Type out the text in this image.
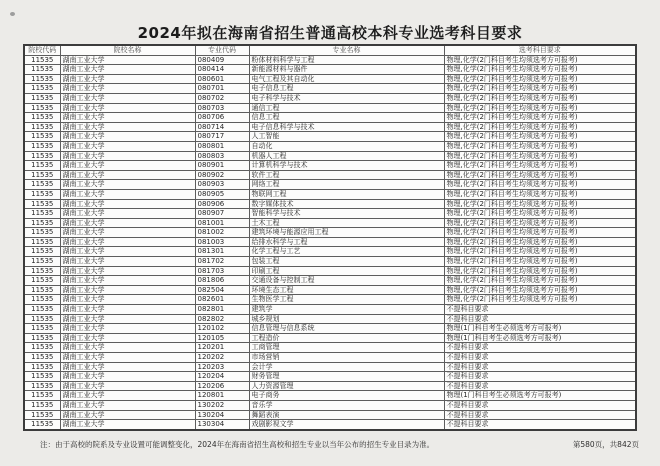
2024年拟在海南省招生普通高校本科专业选考科目要求
院校代码	院校名称	专业代码	专业名称	选考科目要求
11535	湖南工业大学	080409	粉体材料科学与工程	物理,化学(2门科目考生均须选考方可报考)
11535	湖南工业大学	080414	新能源材料与器件	物理,化学(2门科目考生均须选考方可报考)
11535	湖南工业大学	080601	电气工程及其自动化	物理,化学(2门科目考生均须选考方可报考)
11535	湖南工业大学	080701	电子信息工程	物理,化学(2门科目考生均须选考方可报考)
11535	湖南工业大学	080702	电子科学与技术	物理,化学(2门科目考生均须选考方可报考)
11535	湖南工业大学	080703	通信工程	物理,化学(2门科目考生均须选考方可报考)
11535	湖南工业大学	080706	信息工程	物理,化学(2门科目考生均须选考方可报考)
11535	湖南工业大学	080714	电子信息科学与技术	物理,化学(2门科目考生均须选考方可报考)
11535	湖南工业大学	080717	人工智能	物理,化学(2门科目考生均须选考方可报考)
11535	湖南工业大学	080801	自动化	物理,化学(2门科目考生均须选考方可报考)
11535	湖南工业大学	080803	机器人工程	物理,化学(2门科目考生均须选考方可报考)
11535	湖南工业大学	080901	计算机科学与技术	物理,化学(2门科目考生均须选考方可报考)
11535	湖南工业大学	080902	软件工程	物理,化学(2门科目考生均须选考方可报考)
11535	湖南工业大学	080903	网络工程	物理,化学(2门科目考生均须选考方可报考)
11535	湖南工业大学	080905	物联网工程	物理,化学(2门科目考生均须选考方可报考)
11535	湖南工业大学	080906	数字媒体技术	物理,化学(2门科目考生均须选考方可报考)
11535	湖南工业大学	080907	智能科学与技术	物理,化学(2门科目考生均须选考方可报考)
11535	湖南工业大学	081001	土木工程	物理,化学(2门科目考生均须选考方可报考)
11535	湖南工业大学	081002	建筑环境与能源应用工程	物理,化学(2门科目考生均须选考方可报考)
11535	湖南工业大学	081003	给排水科学与工程	物理,化学(2门科目考生均须选考方可报考)
11535	湖南工业大学	081301	化学工程与工艺	物理,化学(2门科目考生均须选考方可报考)
11535	湖南工业大学	081702	包装工程	物理,化学(2门科目考生均须选考方可报考)
11535	湖南工业大学	081703	印刷工程	物理,化学(2门科目考生均须选考方可报考)
11535	湖南工业大学	081806	交通设备与控制工程	物理,化学(2门科目考生均须选考方可报考)
11535	湖南工业大学	082504	环境生态工程	物理,化学(2门科目考生均须选考方可报考)
11535	湖南工业大学	082601	生物医学工程	物理,化学(2门科目考生均须选考方可报考)
11535	湖南工业大学	082801	建筑学	不提科目要求
11535	湖南工业大学	082802	城乡规划	不提科目要求
11535	湖南工业大学	120102	信息管理与信息系统	物理(1门科目考生必须选考方可报考)
11535	湖南工业大学	120105	工程造价	物理(1门科目考生必须选考方可报考)
11535	湖南工业大学	120201	工商管理	不提科目要求
11535	湖南工业大学	120202	市场营销	不提科目要求
11535	湖南工业大学	120203	会计学	不提科目要求
11535	湖南工业大学	120204	财务管理	不提科目要求
11535	湖南工业大学	120206	人力资源管理	不提科目要求
11535	湖南工业大学	120801	电子商务	物理(1门科目考生必须选考方可报考)
11535	湖南工业大学	130202	音乐学	不提科目要求
11535	湖南工业大学	130204	舞蹈表演	不提科目要求
11535	湖南工业大学	130304	戏剧影视文学	不提科目要求
注：由于高校的院系及专业设置可能调整变化，2024年在海南省招生高校和招生专业以当年公布的招生专业目录为准。	第580页，共842页
